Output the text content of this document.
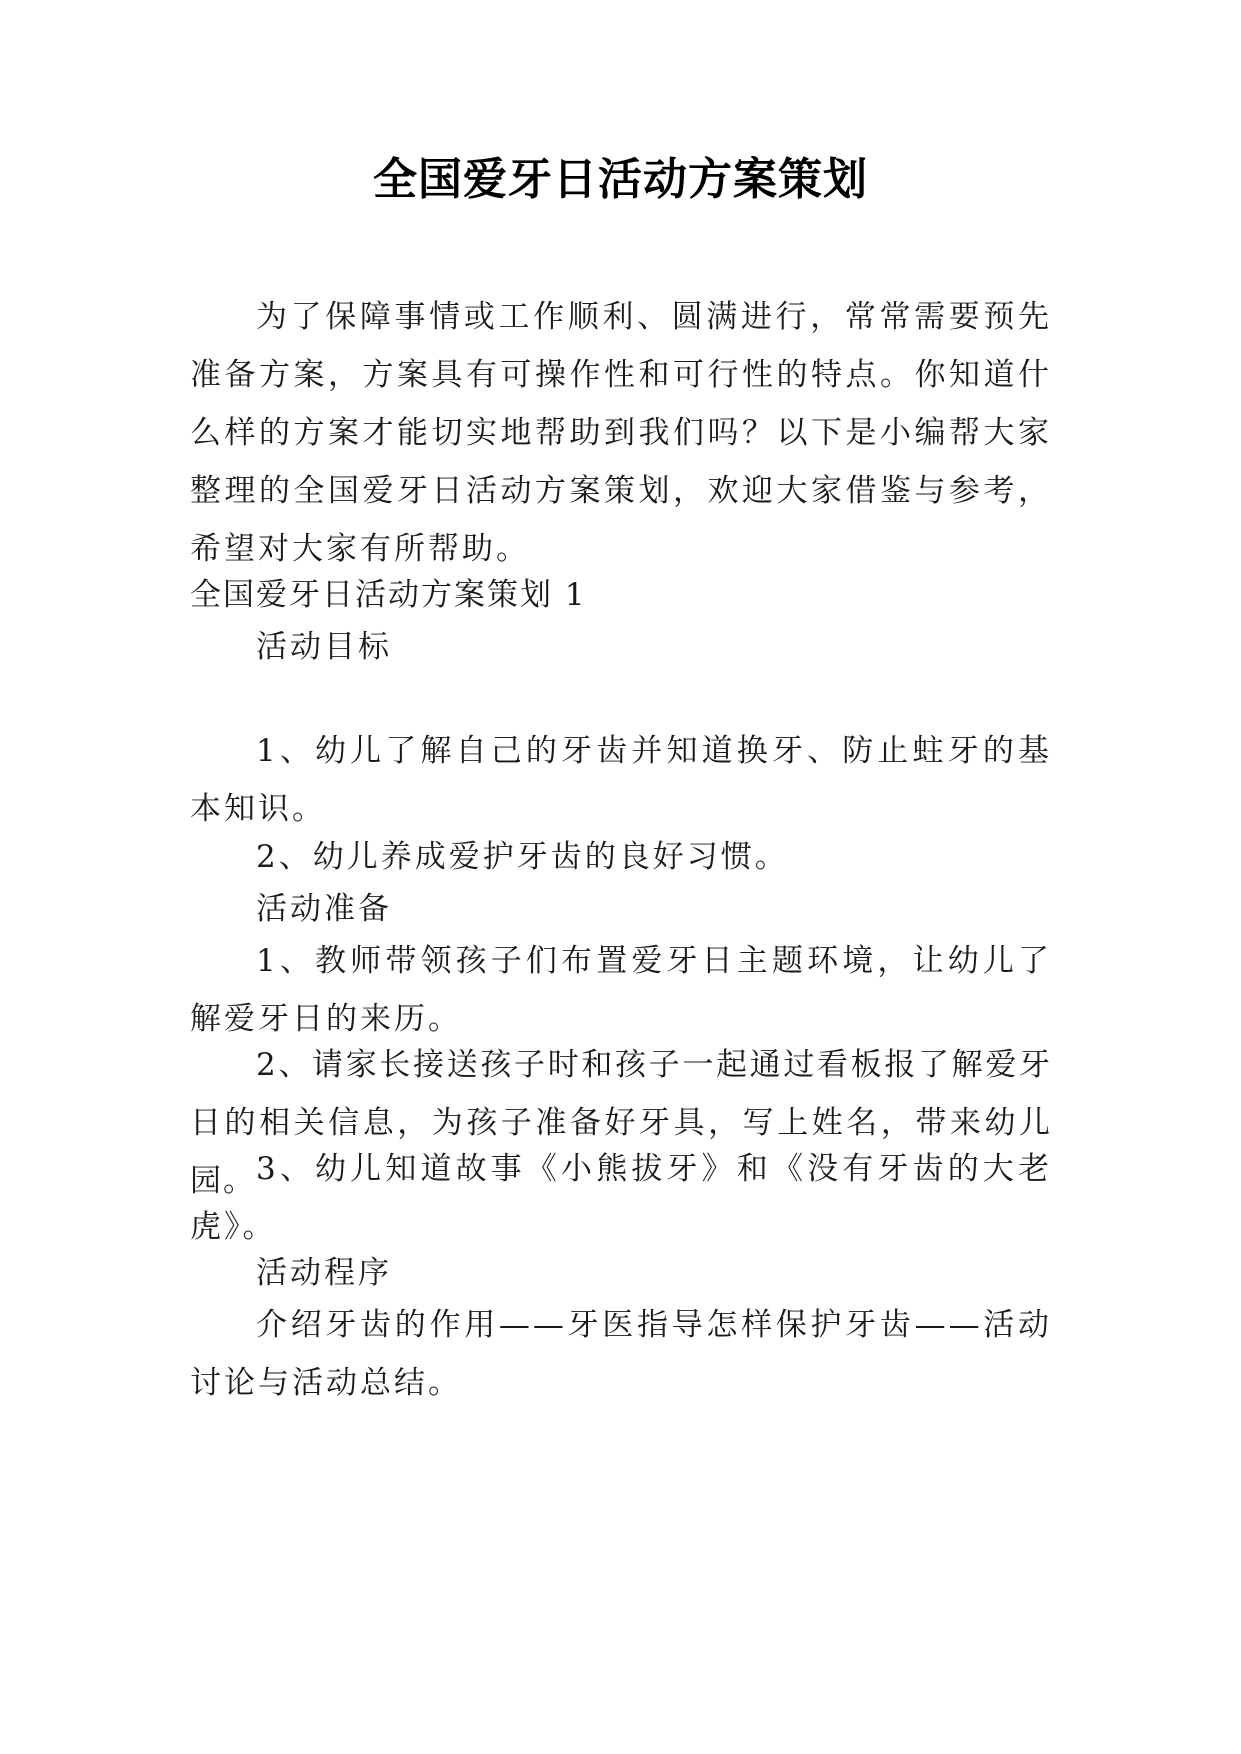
全国爱牙日活动方案策划
为了保障事情或工作顺利、圆满进行，常常需要预先准备方案，方案具有可操作性和可行性的特点。你知道什么样的方案才能切实地帮助到我们吗？以下是小编帮大家整理的全国爱牙日活动方案策划，欢迎大家借鉴与参考，希望对大家有所帮助。
全国爱牙日活动方案策划 1
活动目标
1、幼儿了解自己的牙齿并知道换牙、防止蛀牙的基本知识。
2、幼儿养成爱护牙齿的良好习惯。
活动准备
1、教师带领孩子们布置爱牙日主题环境，让幼儿了解爱牙日的来历。
2、请家长接送孩子时和孩子一起通过看板报了解爱牙日的相关信息，为孩子准备好牙具，写上姓名，带来幼儿园。 3、幼儿知道故事《小熊拔牙》和《没有牙齿的大老虎》。
活动程序
介绍牙齿的作用——牙医指导怎样保护牙齿——活动讨论与活动总结。
